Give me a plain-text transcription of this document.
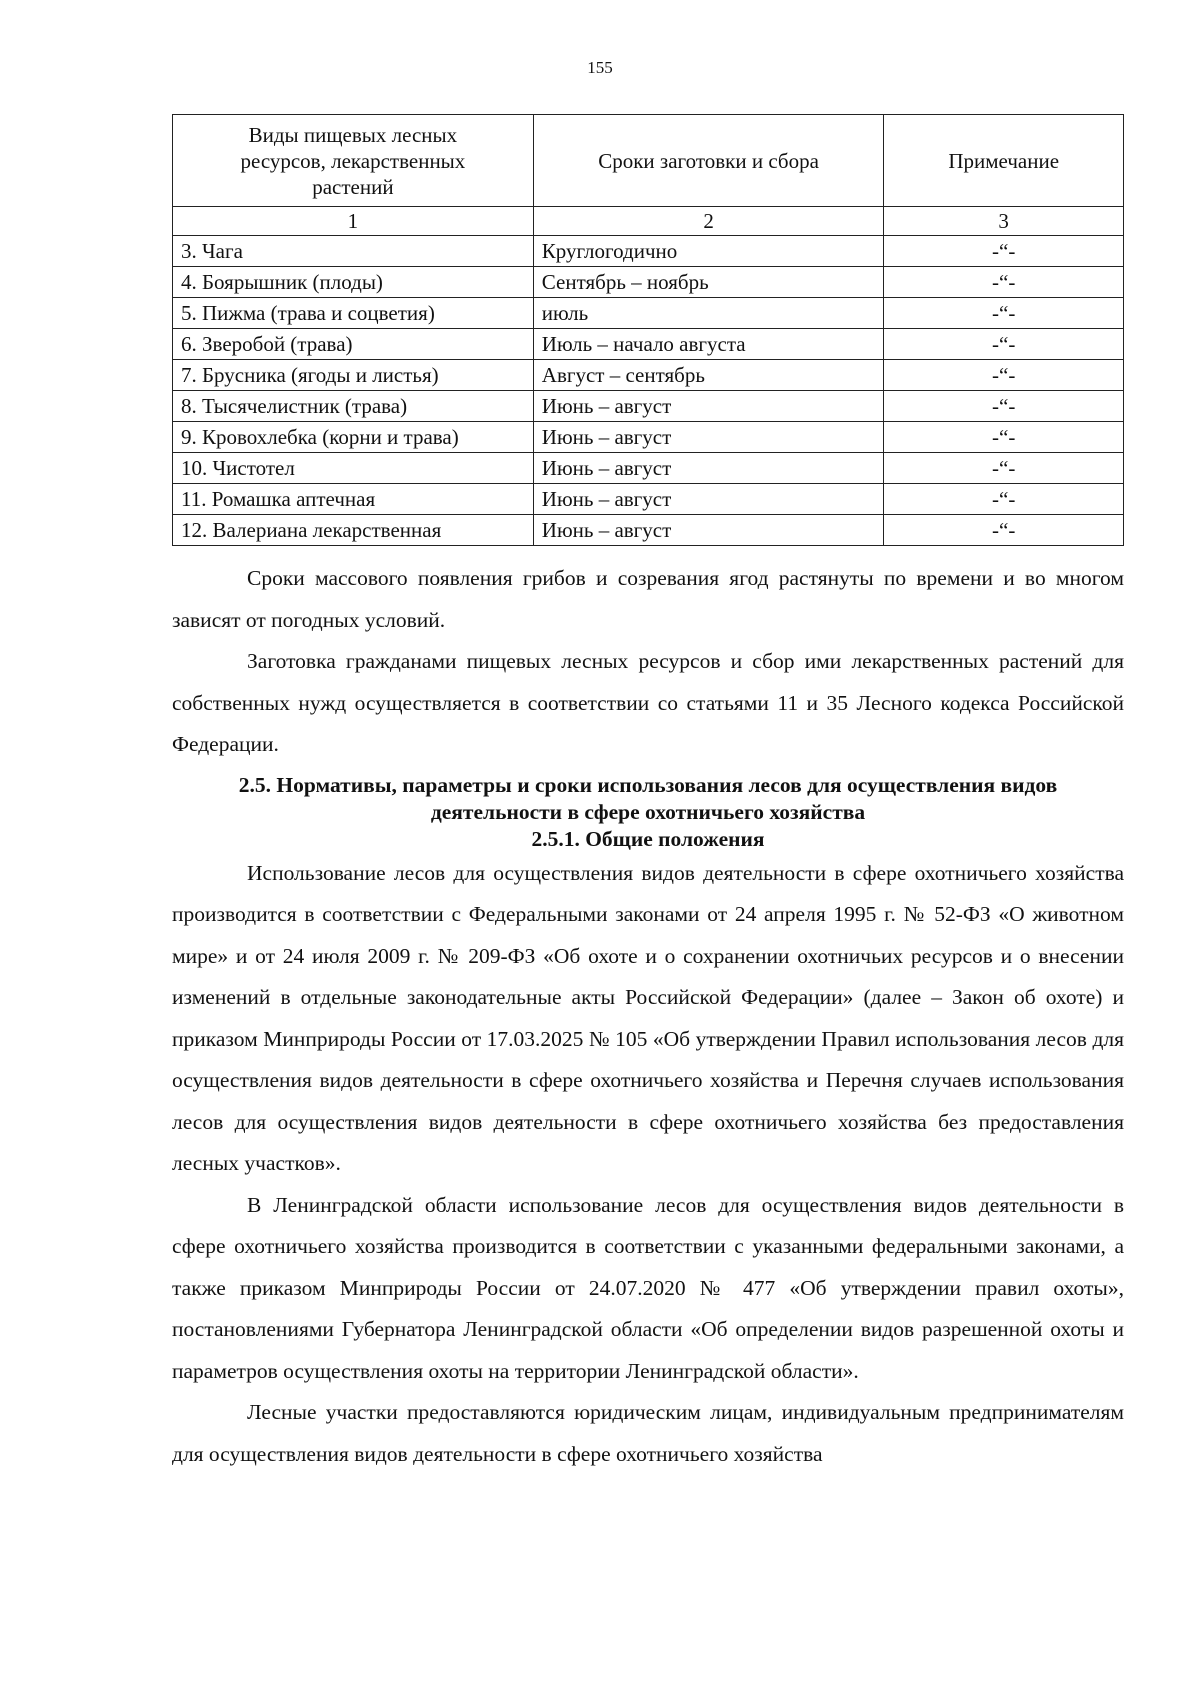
155
Виды пищевых лесных ресурсов, лекарственных растений	Сроки заготовки и сбора	Примечание
1	2	3
3. Чага	Круглогодично	-“-
4. Боярышник (плоды)	Сентябрь – ноябрь	-“-
5. Пижма (трава и соцветия)	июль	-“-
6. Зверобой (трава)	Июль – начало августа	-“-
7. Брусника (ягоды и листья)	Август – сентябрь	-“-
8. Тысячелистник (трава)	Июнь – август	-“-
9. Кровохлебка (корни и трава)	Июнь – август	-“-
10. Чистотел	Июнь – август	-“-
11. Ромашка аптечная	Июнь – август	-“-
12. Валериана лекарственная	Июнь – август	-“-

Сроки массового появления грибов и созревания ягод растянуты по времени и во многом зависят от погодных условий.

Заготовка гражданами пищевых лесных ресурсов и сбор ими лекарственных растений для собственных нужд осуществляется в соответствии со статьями 11 и 35 Лесного кодекса Российской Федерации.

2.5. Нормативы, параметры и сроки использования лесов для осуществления видов деятельности в сфере охотничьего хозяйства

2.5.1. Общие положения

Использование лесов для осуществления видов деятельности в сфере охотничьего хозяйства производится в соответствии с Федеральными законами от 24 апреля 1995 г. № 52-ФЗ «О животном мире» и от 24 июля 2009 г. № 209-ФЗ «Об охоте и о сохранении охотничьих ресурсов и о внесении изменений в отдельные законодательные акты Российской Федерации» (далее – Закон об охоте) и приказом Минприроды России от 17.03.2025 № 105 «Об утверждении Правил использования лесов для осуществления видов деятельности в сфере охотничьего хозяйства и Перечня случаев использования лесов для осуществления видов деятельности в сфере охотничьего хозяйства без предоставления лесных участков».

В Ленинградской области использование лесов для осуществления видов деятельности в сфере охотничьего хозяйства производится в соответствии с указанными федеральными законами, а также приказом Минприроды России от 24.07.2020 № 477 «Об утверждении правил охоты», постановлениями Губернатора Ленинградской области «Об определении видов разрешенной охоты и параметров осуществления охоты на территории Ленинградской области».

Лесные участки предоставляются юридическим лицам, индивидуальным предпринимателям для осуществления видов деятельности в сфере охотничьего хозяйства
